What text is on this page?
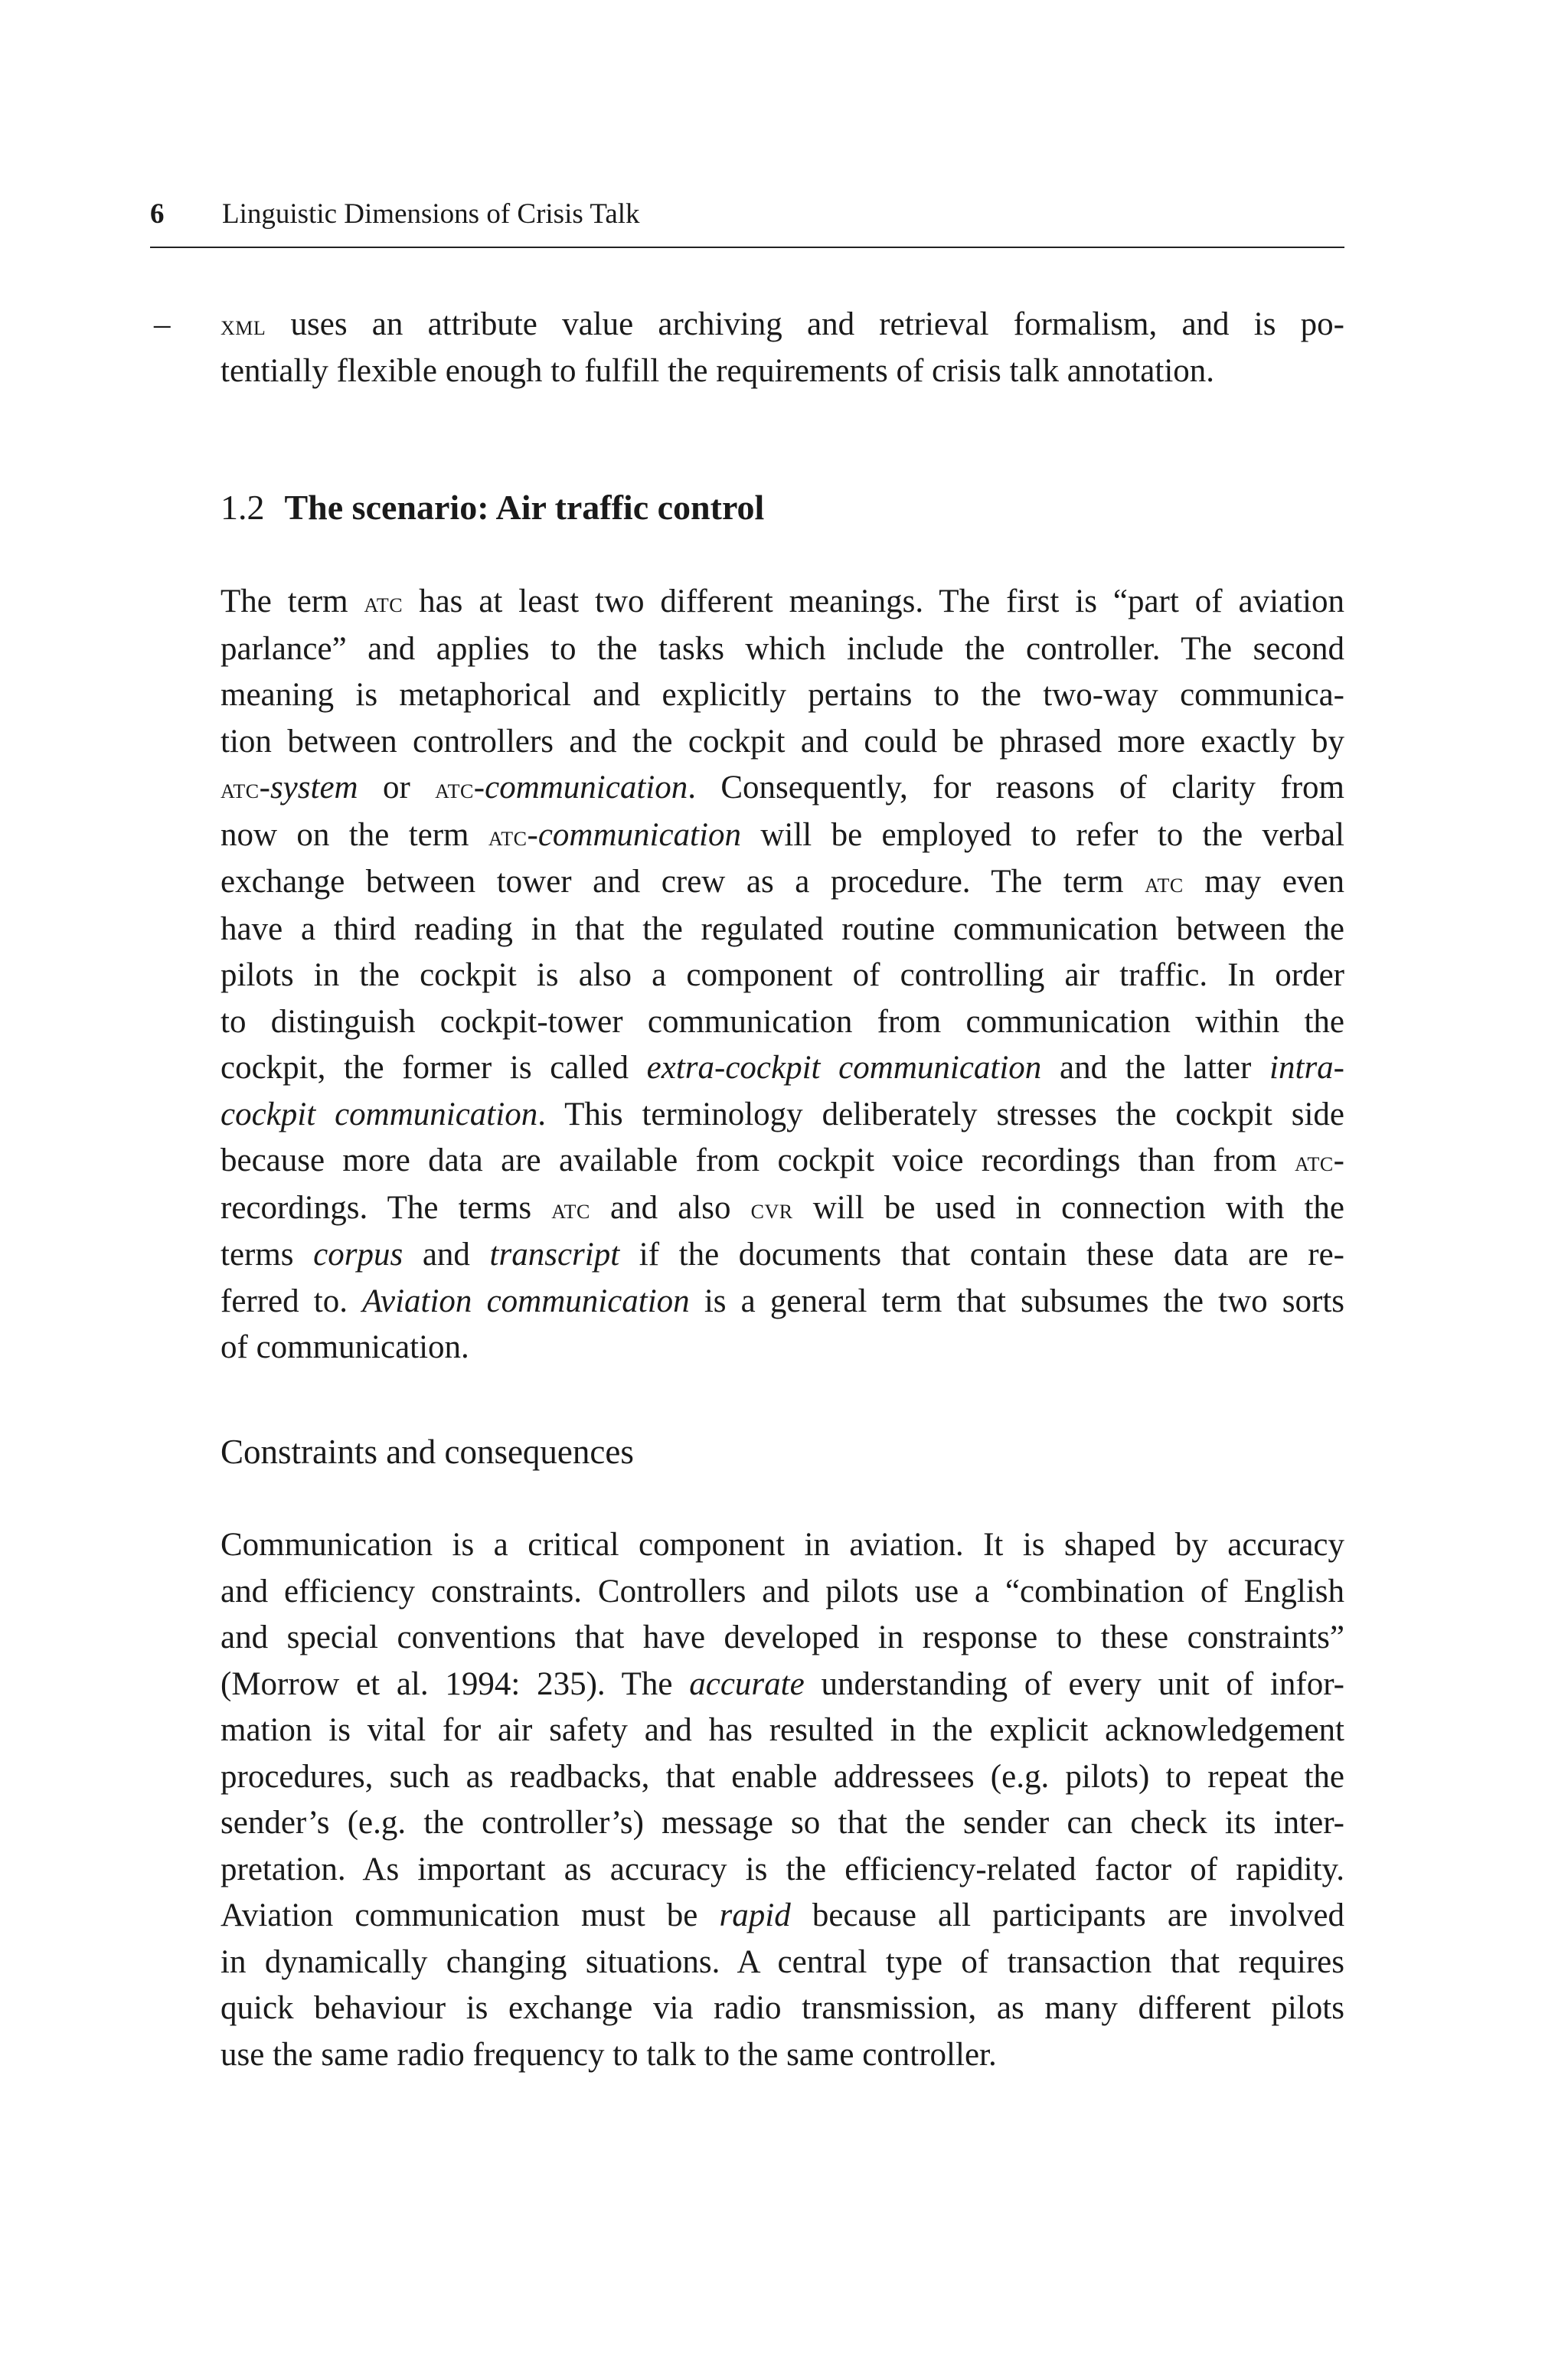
6 Linguistic Dimensions of Crisis Talk
– xml uses an attribute value archiving and retrieval formalism, and is po-
tentially flexible enough to fulfill the requirements of crisis talk annotation.
1.2 The scenario: Air traffic control
The term atc has at least two different meanings. The first is “part of aviation
parlance” and applies to the tasks which include the controller. The second
meaning is metaphorical and explicitly pertains to the two-way communica-
tion between controllers and the cockpit and could be phrased more exactly by
atc-system or atc-communication. Consequently, for reasons of clarity from
now on the term atc-communication will be employed to refer to the verbal
exchange between tower and crew as a procedure. The term atc may even
have a third reading in that the regulated routine communication between the
pilots in the cockpit is also a component of controlling air traffic. In order
to distinguish cockpit-tower communication from communication within the
cockpit, the former is called extra-cockpit communication and the latter intra-
cockpit communication. This terminology deliberately stresses the cockpit side
because more data are available from cockpit voice recordings than from atc-
recordings. The terms atc and also cvr will be used in connection with the
terms corpus and transcript if the documents that contain these data are re-
ferred to. Aviation communication is a general term that subsumes the two sorts
of communication.
Constraints and consequences
Communication is a critical component in aviation. It is shaped by accuracy
and efficiency constraints. Controllers and pilots use a “combination of English
and special conventions that have developed in response to these constraints”
(Morrow et al. 1994: 235). The accurate understanding of every unit of infor-
mation is vital for air safety and has resulted in the explicit acknowledgement
procedures, such as readbacks, that enable addressees (e.g. pilots) to repeat the
sender’s (e.g. the controller’s) message so that the sender can check its inter-
pretation. As important as accuracy is the efficiency-related factor of rapidity.
Aviation communication must be rapid because all participants are involved
in dynamically changing situations. A central type of transaction that requires
quick behaviour is exchange via radio transmission, as many different pilots
use the same radio frequency to talk to the same controller.
